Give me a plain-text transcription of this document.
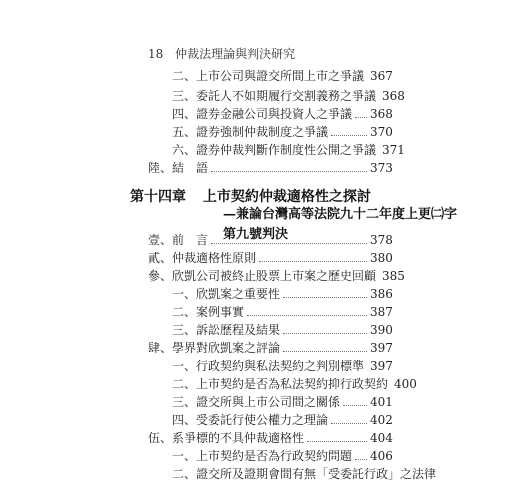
18 仲裁法理論與判決研究
二、上市公司與證交所間上市之爭議 367
三、委託人不如期履行交割義務之爭議 368
四、證券金融公司與投資人之爭議 368
五、證券強制仲裁制度之爭議	370
六、證券仲裁判斷作制度性公開之爭議 371
陸、結　語	373
第十四章 上市契約仲裁適格性之探討
—兼論台灣高等法院九十二年度上更㈡字第九號判決
壹、前　言	378
貳、仲裁適格性原則	380
參、欣凱公司被終止股票上市案之歷史回顧 385
一、欣凱案之重要性	386
二、案例事實	387
三、訴訟歷程及結果	390
肆、學界對欣凱案之評論	397
一、行政契約與私法契約之判別標準 397
二、上市契約是否為私法契約抑行政契約 400
三、證交所與上市公司間之關係 401
四、受委託行使公權力之理論	402
伍、系爭標的不具仲裁適格性	404
一、上市契約是否為行政契約問題 406
二、證交所及證期會間有無「受委託行政」之法律
